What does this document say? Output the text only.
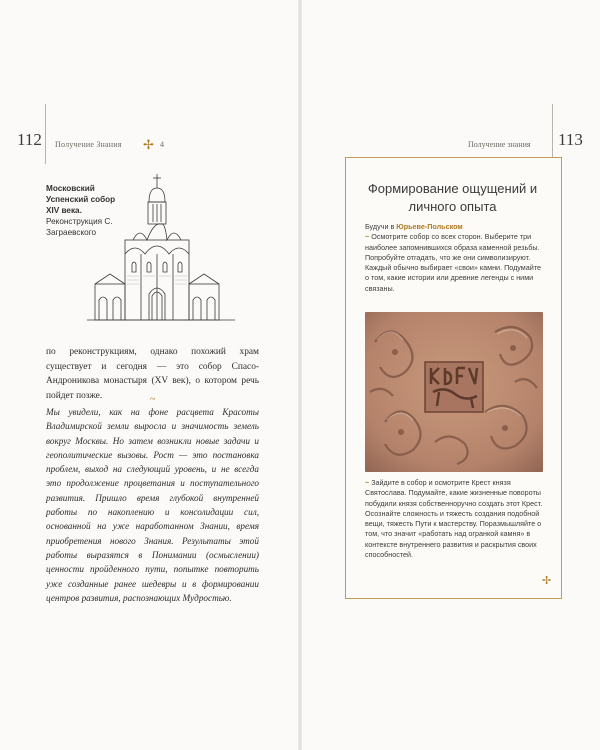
112 Получение Знания ✢ 4
Московский Успенский собор XIV века.
Реконструкция С. Заграевского

по реконструкциям, однако похожий храм существует и сегодня — это собор Спасо-Андроникова монастыря (XV век), о котором речь пойдет позже.	~
Мы увидели, как на фоне расцвета Красоты Владимирской земли выросла и значимость земель вокруг Москвы. Но затем возникли новые задачи и геополитические вызовы. Рост — это постановка проблем, выход на следующий уровень, и не всегда это продолжение процветания и поступательного развития. Пришло время глубокой внутренней работы по накоплению и консолидации сил, основанной на уже наработанном Знании, время приобретения нового Знания. Результаты этой работы выразятся в Понимании (осмыслении) ценности пройденного пути, попытке повторить уже созданные ранее шедевры и в формировании центров развития, распознающих Мудростью.
Получение знания 113
Формирование ощущений и личного опыта

Будучи в Юрьеве-Польском

~ Осмотрите собор со всех сторон. Выберите три наиболее запомнившихся образа каменной резьбы. Попробуйте отгадать, что же они символизируют. Каждый обычно выбирает «свои» камни. Подумайте о том, какие истории или древние легенды с ними связаны.

~ Зайдите в собор и осмотрите Крест князя Святослава. Подумайте, какие жизненные повороты побудили князя собственноручно создать этот Крест. Осознайте сложность и тяжесть создания подобной вещи, тяжесть Пути к мастерству. Поразмышляйте о том, что значит «работать над огранкой камня» в контексте внутреннего развития и раскрытия своих способностей.

✢
